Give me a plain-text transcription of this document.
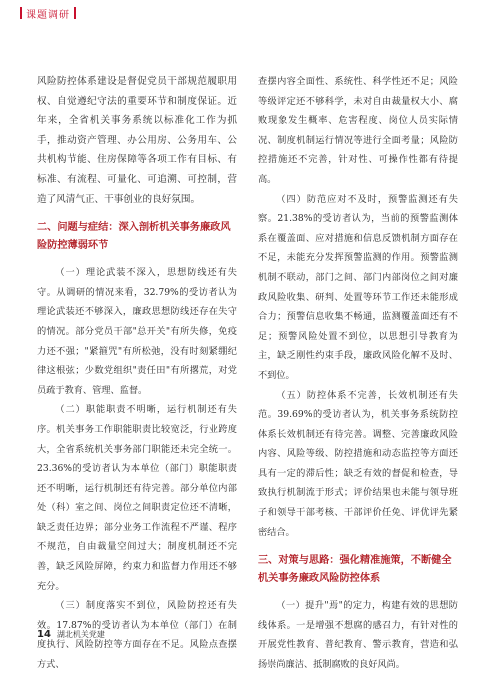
课题调研

风险防控体系建设是督促党员干部规范履职用权、自觉遵纪守法的重要环节和制度保证。近年来，全省机关事务系统以标准化工作为抓手，推动资产管理、办公用房、公务用车、公共机构节能、住房保障等各项工作有目标、有标准、有流程、可量化、可追溯、可控制，营造了风清气正、干事创业的良好氛围。

二、问题与症结：深入剖析机关事务廉政风险防控薄弱环节

（一）理论武装不深入，思想防线还有失守。从调研的情况来看，32.79%的受访者认为理论武装还不够深入，廉政思想防线还存在失守的情况。部分党员干部"总开关"有所失修，免疫力还不强；"紧箍咒"有所松弛，没有时刻紧绷纪律这根弦；少数党组织"责任田"有所撂荒，对党员疏于教育、管理、监督。

（二）职能职责不明晰，运行机制还有失序。机关事务工作职能职责比较宽泛，行业跨度大，全省系统机关事务部门职能还未完全统一。23.36%的受访者认为本单位（部门）职能职责还不明晰，运行机制还有待完善。部分单位内部处（科）室之间、岗位之间职责定位还不清晰，缺乏责任边界；部分业务工作流程不严谨、程序不规范，自由裁量空间过大；制度机制还不完善，缺乏风险屏障，约束力和监督力作用还不够充分。

（三）制度落实不到位，风险防控还有失效。17.87%的受访者认为本单位（部门）在制度执行、风险防控等方面存在不足。风险点查摆方式、

查摆内容全面性、系统性、科学性还不足；风险等级评定还不够科学，未对自由裁量权大小、腐败现象发生概率、危害程度、岗位人员实际情况、制度机制运行情况等进行全面考量；风险防控措施还不完善，针对性、可操作性都有待提高。

（四）防范应对不及时，预警监测还有失察。21.38%的受访者认为，当前的预警监测体系在覆盖面、应对措施和信息反馈机制方面存在不足，未能充分发挥预警监测的作用。预警监测机制不联动，部门之间、部门内部岗位之间对廉政风险收集、研判、处置等环节工作还未能形成合力；预警信息收集不畅通，监测覆盖面还有不足；预警风险处置不到位，以思想引导教育为主，缺乏刚性约束手段，廉政风险化解不及时、不到位。

（五）防控体系不完善，长效机制还有失范。39.69%的受访者认为，机关事务系统防控体系长效机制还有待完善。调整、完善廉政风险内容、风险等级、防控措施和动态监控等方面还具有一定的滞后性；缺乏有效的督促和检查，导致执行机制流于形式；评价结果也未能与领导班子和领导干部考核、干部评价任免、评优评先紧密结合。

三、对策与思路：强化精准施策，不断健全机关事务廉政风险防控体系

（一）提升"焉"的定力，构建有效的思想防线体系。一是增强不想腐的感召力，有针对性的开展党性教育、普纪教育、警示教育，营造和弘扬崇尚廉洁、抵制腐败的良好风尚。

14 湖北机关党建
